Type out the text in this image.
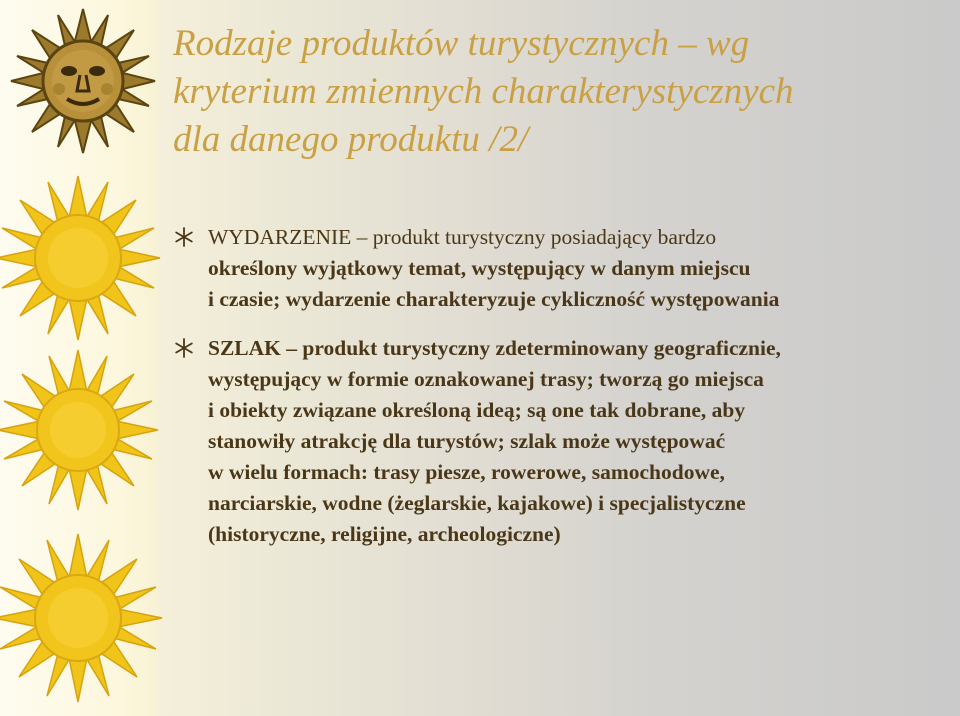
Rodzaje produktów turystycznych – wg
kryterium zmiennych charakterystycznych
dla danego produktu /2/
WYDARZENIE – produkt turystyczny posiadający bardzo
określony wyjątkowy temat, występujący w danym miejscu
i czasie; wydarzenie charakteryzuje cykliczność występowania
SZLAK – produkt turystyczny zdeterminowany geograficznie,
występujący w formie oznakowanej trasy; tworzą go miejsca
i obiekty związane określoną ideą; są one tak dobrane, aby
stanowiły atrakcję dla turystów; szlak może występować
w wielu formach: trasy piesze, rowerowe, samochodowe,
narciarskie, wodne (żeglarskie, kajakowe) i specjalistyczne
(historyczne, religijne, archeologiczne)
